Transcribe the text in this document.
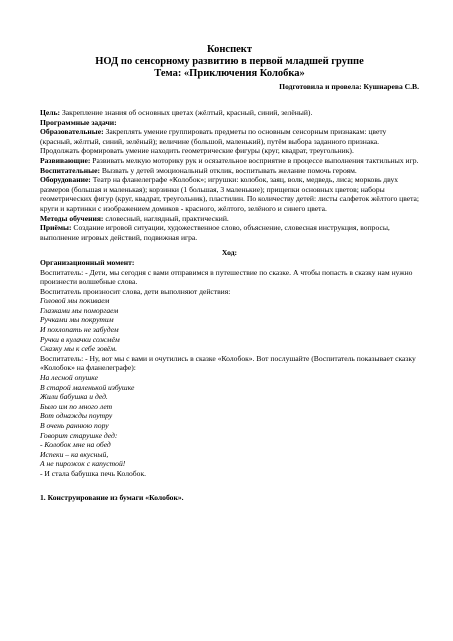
Конспект

НОД по сенсорному развитию в первой младшей группе

Тема: «Приключения Колобка»

Подготовила и провела: Кушнарева С.В.

Цель: Закрепление знания об основных цветах (жёлтый, красный, синий, зелёный).

Программные задачи:

Образовательные: Закреплять умение группировать предметы по основным сенсорным признакам: цвету (красный, жёлтый, синий, зелёный); величине (большой, маленький), путём выбора заданного признака. Продолжать формировать умение находить геометрические фигуры (круг, квадрат, треугольник).

Развивающие: Развивать мелкую моторику рук и осязательное восприятие в процессе выполнения тактильных игр.

Воспитательные: Вызвать у детей эмоциональный отклик, воспитывать желание помочь героям.

Оборудование: Театр на фланелеграфе «Колобок»; игрушки: колобок, заяц, волк, медведь, лиса; морковь двух размеров (большая и маленькая); корзинки (1 большая, 3 маленькие); прищепки основных цветов; наборы геометрических фигур (круг, квадрат, треугольник), пластилин. По количеству детей: листы салфеток жёлтого цвета; круги и картинки с изображением домиков - красного, жёлтого, зелёного и синего цвета.

Методы обучения: словесный, наглядный, практический.

Приёмы: Создание игровой ситуации, художественное слово, объяснение, словесная инструкция, вопросы, выполнение игровых действий, подвижная игра.

Ход:

Организационный момент:

Воспитатель: - Дети, мы сегодня с вами отправимся в путешествие по сказке. А чтобы попасть в сказку нам нужно произнести волшебные слова.

Воспитатель произносит слова, дети выполняют действия:

Головой мы покиваем

Глазками мы поморгаем

Ручками мы покрутим

И похлопать не забудем

Ручки в кулачки сожмём

Сказку мы к себе зовём.

Воспитатель: - Ну, вот мы с вами и очутились в сказке «Колобок». Вот послушайте (Воспитатель показывает сказку «Колобок» на фланелеграфе):

На лесной опушке

В старой маленькой избушке

Жили бабушка и дед.

Было им по много лет

Вот однажды поутру

В очень раннюю пору

Говорит старушке дед:

- Колобок мне на обед

Испеки – ка вкусный,

А не пирожок с капустой!

- И стала бабушка печь Колобок.

1. Конструирование из бумаги «Колобок».
